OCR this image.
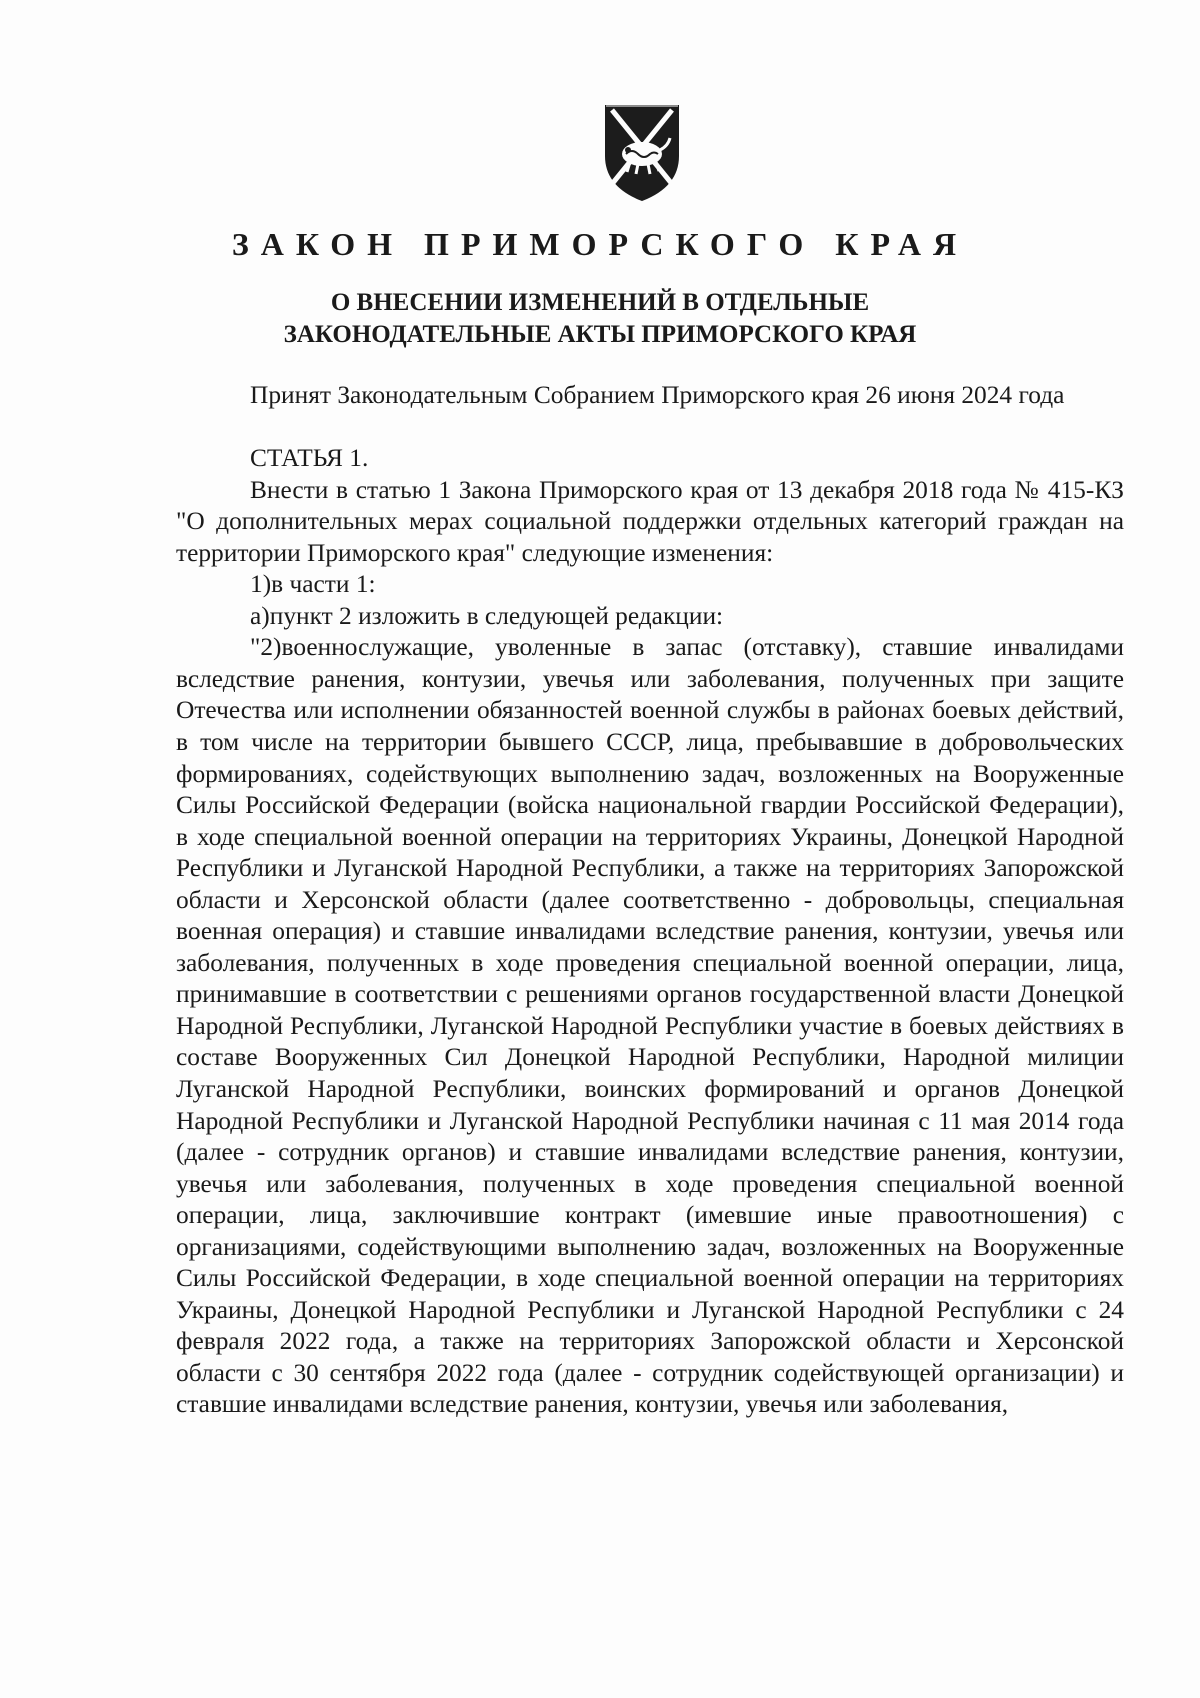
ЗАКОН ПРИМОРСКОГО КРАЯ
О ВНЕСЕНИИ ИЗМЕНЕНИЙ В ОТДЕЛЬНЫЕ
ЗАКОНОДАТЕЛЬНЫЕ АКТЫ ПРИМОРСКОГО КРАЯ

Принят Законодательным Собранием Приморского края 26 июня 2024 года

СТАТЬЯ 1.

Внести в статью 1 Закона Приморского края от 13 декабря 2018 года № 415-КЗ "О дополнительных мерах социальной поддержки отдельных категорий граждан на территории Приморского края" следующие изменения:

1)в части 1:

а)пункт 2 изложить в следующей редакции:

"2)военнослужащие, уволенные в запас (отставку), ставшие инвалидами вследствие ранения, контузии, увечья или заболевания, полученных при защите Отечества или исполнении обязанностей военной службы в районах боевых действий, в том числе на территории бывшего СССР, лица, пребывавшие в добровольческих формированиях, содействующих выполнению задач, возложенных на Вооруженные Силы Российской Федерации (войска национальной гвардии Российской Федерации), в ходе специальной военной операции на территориях Украины, Донецкой Народной Республики и Луганской Народной Республики, а также на территориях Запорожской области и Херсонской области (далее соответственно - добровольцы, специальная военная операция) и ставшие инвалидами вследствие ранения, контузии, увечья или заболевания, полученных в ходе проведения специальной военной операции, лица, принимавшие в соответствии с решениями органов государственной власти Донецкой Народной Республики, Луганской Народной Республики участие в боевых действиях в составе Вооруженных Сил Донецкой Народной Республики, Народной милиции Луганской Народной Республики, воинских формирований и органов Донецкой Народной Республики и Луганской Народной Республики начиная с 11 мая 2014 года (далее - сотрудник органов) и ставшие инвалидами вследствие ранения, контузии, увечья или заболевания, полученных в ходе проведения специальной военной операции, лица, заключившие контракт (имевшие иные правоотношения) с организациями, содействующими выполнению задач, возложенных на Вооруженные Силы Российской Федерации, в ходе специальной военной операции на территориях Украины, Донецкой Народной Республики и Луганской Народной Республики с 24 февраля 2022 года, а также на территориях Запорожской области и Херсонской области с 30 сентября 2022 года (далее - сотрудник содействующей организации) и ставшие инвалидами вследствие ранения, контузии, увечья или заболевания,
